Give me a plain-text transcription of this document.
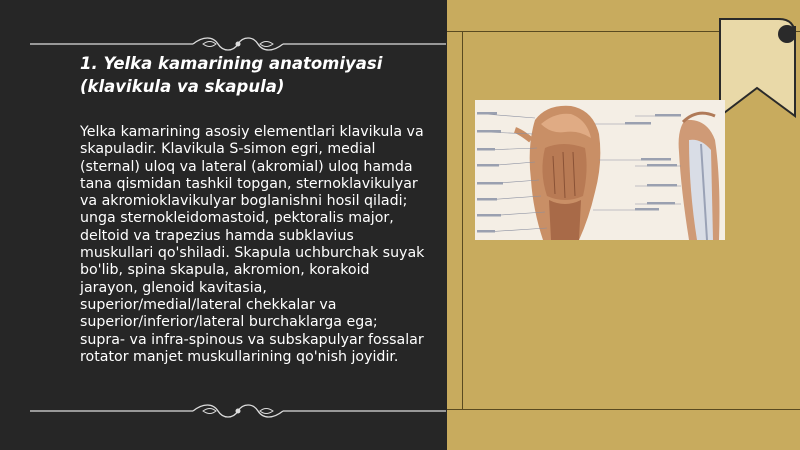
1. Yelka kamarining anatomiyasi (klavikula va skapula)

Yelka kamarining asosiy elementlari klavikula va skapuladir. Klavikula S-simon egri, medial (sternal) uloq va lateral (akromial) uloq hamda tana qismidan tashkil topgan, sternoklavikulyar va akromioklavikulyar boglanishni hosil qiladi; unga sternokleidomastoid, pektoralis major, deltoid va trapezius hamda subklavius muskullari qo'shiladi. Skapula uchburchak suyak bo'lib, spina skapula, akromion, korakoid jarayon, glenoid kavitasia, superior/medial/lateral chekkalar va superior/inferior/lateral burchaklarga ega; supra- va infra-spinous va subskapulyar fossalar rotator manjet muskullarining qo'nish joyidir.
